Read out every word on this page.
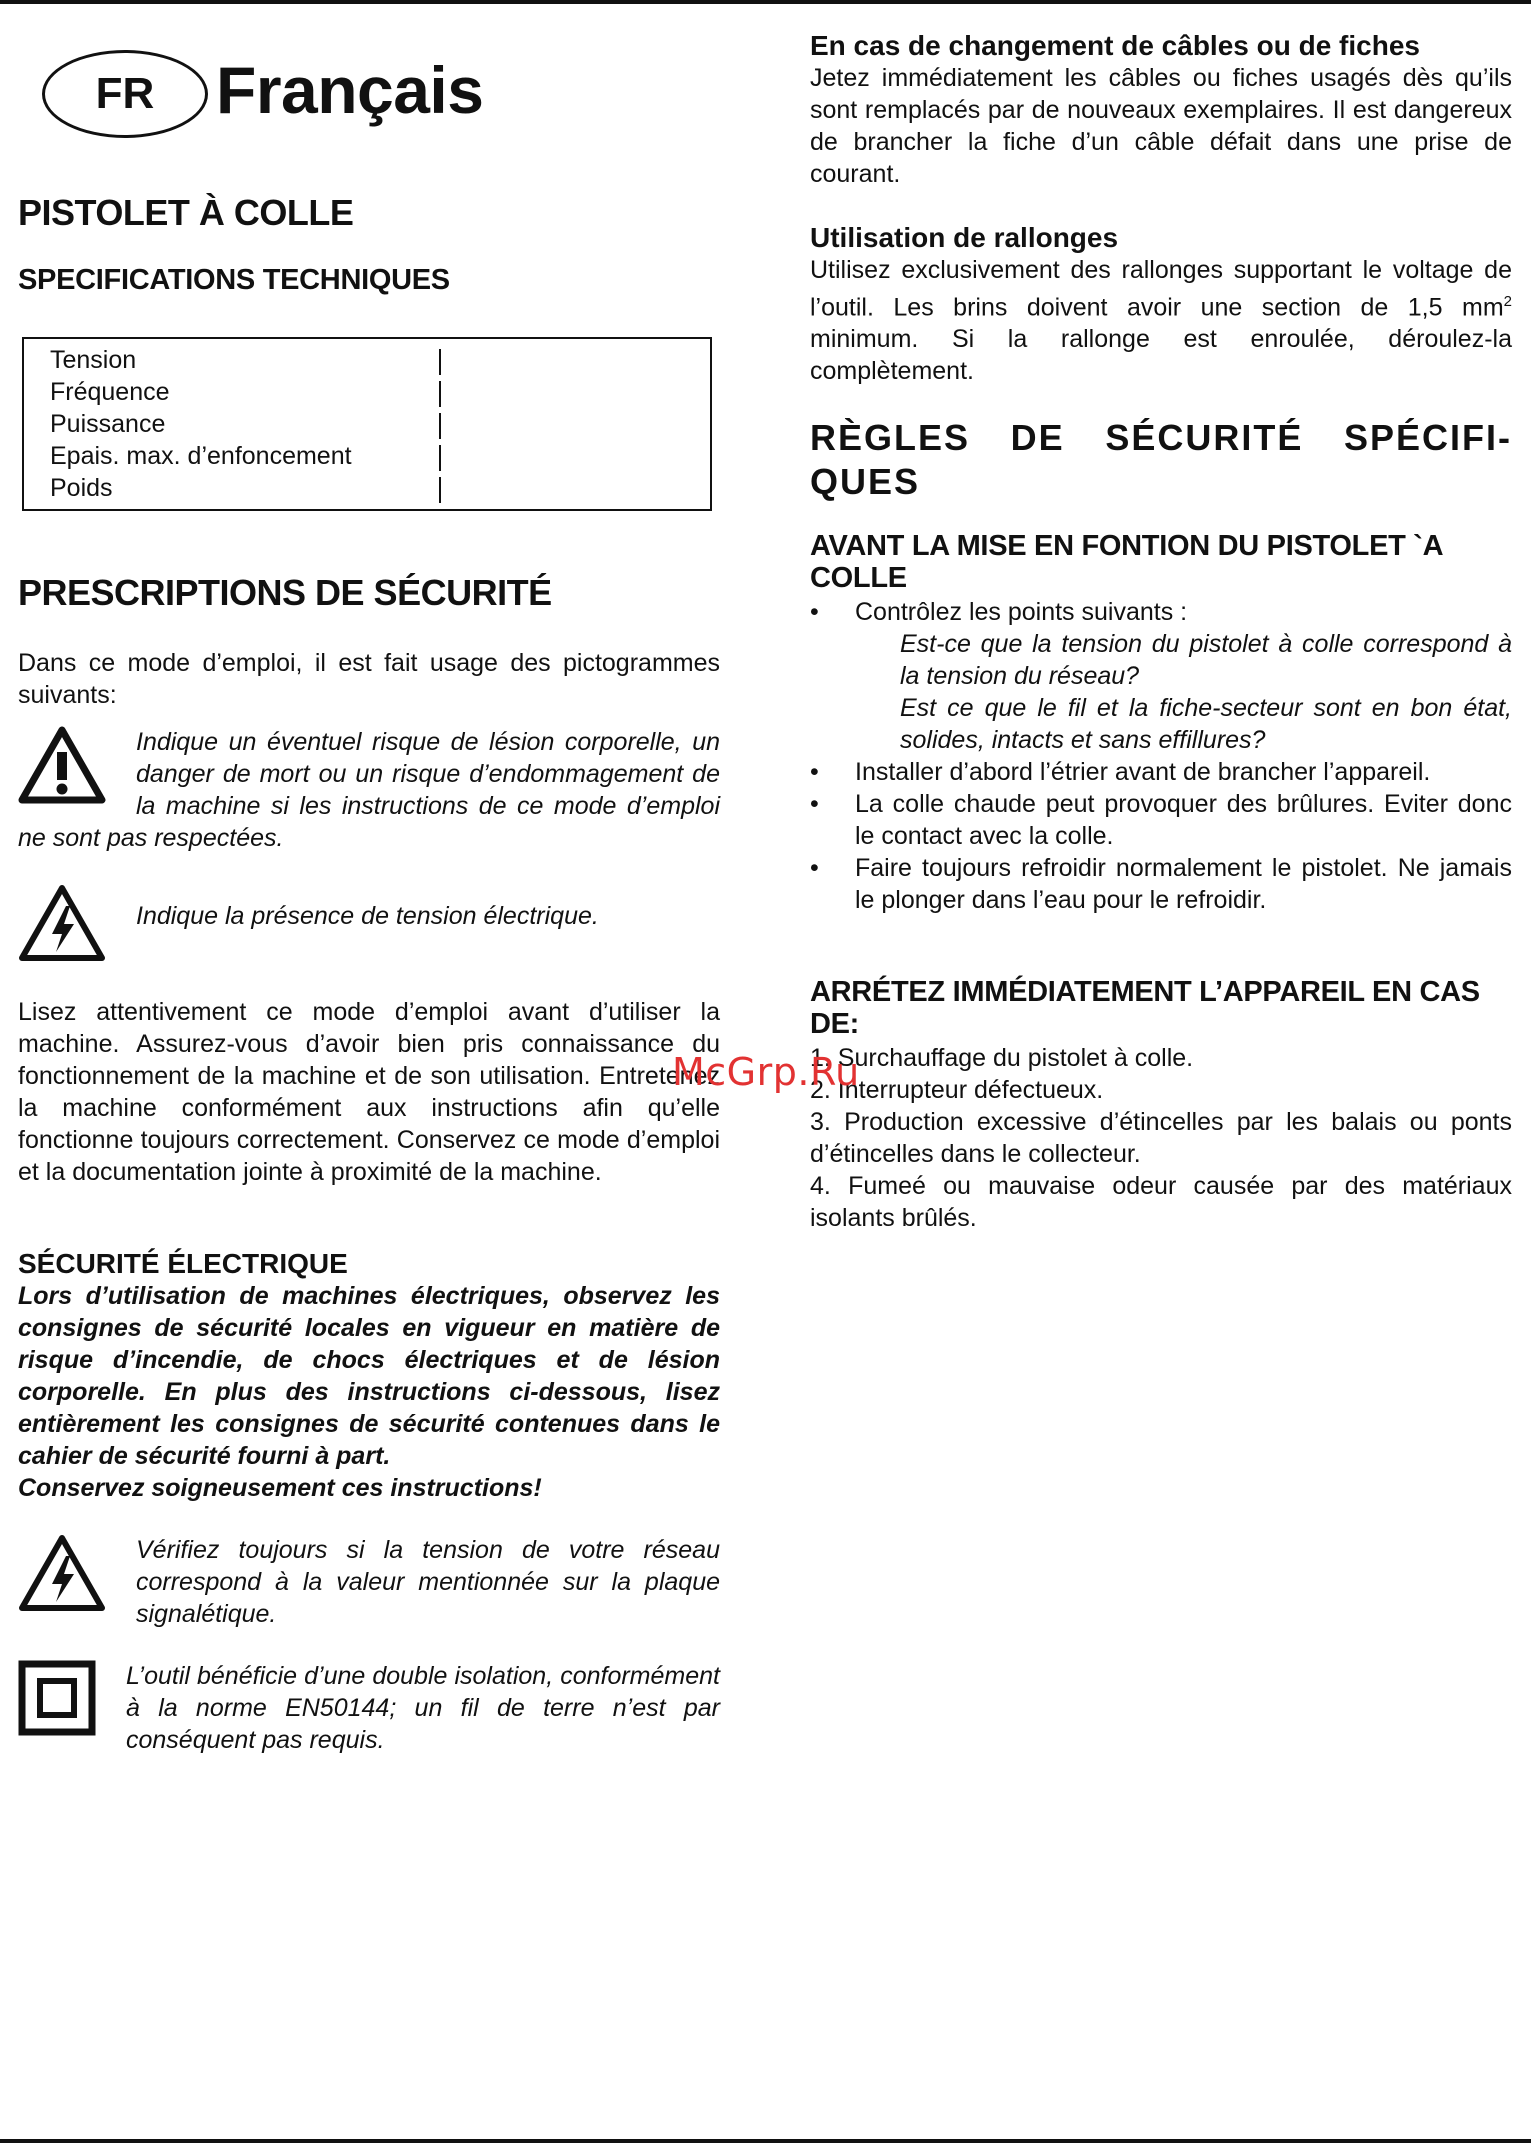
FR Français
PISTOLET À COLLE
SPECIFICATIONS TECHNIQUES
Tension
Fréquence
Puissance
Epais. max. d’enfoncement
Poids
PRESCRIPTIONS DE SÉCURITÉ
Dans ce mode d’emploi, il est fait usage des pictogrammes suivants:
Indique un éventuel risque de lésion corporelle, un danger de mort ou un risque d’endommagement de la machine si les instructions de ce mode d’emploi ne sont pas respectées.
Indique la présence de tension électrique.
Lisez attentivement ce mode d’emploi avant d’utiliser la machine. Assurez-vous d’avoir bien pris connaissance du fonctionnement de la machine et de son utilisation. Entretenez la machine conformément aux instructions afin qu’elle fonctionne toujours correctement. Conservez ce mode d’emploi et la documentation jointe à proximité de la machine.
SÉCURITÉ ÉLECTRIQUE
Lors d’utilisation de machines électriques, observez les consignes de sécurité locales en vigueur en matière de risque d’incendie, de chocs électriques et de lésion corporelle. En plus des instructions ci-dessous, lisez entièrement les consignes de sécurité contenues dans le cahier de sécurité fourni à part.
Conservez soigneusement ces instructions!
Vérifiez toujours si la tension de votre réseau correspond à la valeur mentionnée sur la plaque signalétique.
L’outil bénéficie d’une double isolation, conformément à la norme EN50144; un fil de terre n’est par conséquent pas requis.
En cas de changement de câbles ou de fiches
Jetez immédiatement les câbles ou fiches usagés dès qu’ils sont remplacés par de nouveaux exemplaires. Il est dangereux de brancher la fiche d’un câble défait dans une prise de courant.
Utilisation de rallonges
Utilisez exclusivement des rallonges supportant le voltage de l’outil. Les brins doivent avoir une section de 1,5 $mm^2$ minimum. Si la rallonge est enroulée, déroulez-la complètement.
RÈGLES DE SÉCURITÉ SPÉCIFI-
QUES
AVANT LA MISE EN FONTION DU PISTOLET `A COLLE
• Contrôlez les points suivants :
Est-ce que la tension du pistolet à colle correspond à la tension du réseau?
Est ce que le fil et la fiche-secteur sont en bon état, solides, intacts et sans effillures?
• Installer d’abord l’étrier avant de brancher l’appareil.
• La colle chaude peut provoquer des brûlures. Eviter donc le contact avec la colle.
• Faire toujours refroidir normalement le pistolet. Ne jamais le plonger dans l’eau pour le refroidir.
ARRÉTEZ IMMÉDIATEMENT L’APPAREIL EN CAS DE:
1. Surchauffage du pistolet à colle.
2. Interrupteur défectueux.
3. Production excessive d’étincelles par les balais ou ponts d’étincelles dans le collecteur.
4. Fumeé ou mauvaise odeur causée par des matériaux isolants brûlés.
McGrp.Ru
